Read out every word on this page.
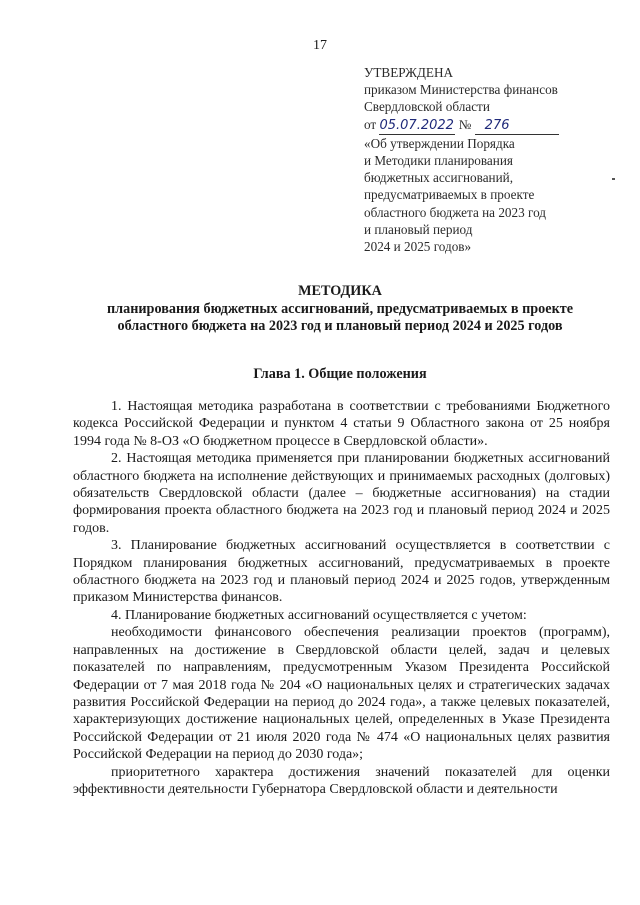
17
УТВЕРЖДЕНА
приказом Министерства финансов
Свердловской области
от 05.07.2022 № 276
«Об утверждении Порядка
и Методики планирования
бюджетных ассигнований,
предусматриваемых в проекте
областного бюджета на 2023 год
и плановый период
2024 и 2025 годов»
МЕТОДИКА
планирования бюджетных ассигнований, предусматриваемых в проекте
областного бюджета на 2023 год и плановый период 2024 и 2025 годов
Глава 1. Общие положения

1. Настоящая методика разработана в соответствии с требованиями Бюджетного кодекса Российской Федерации и пунктом 4 статьи 9 Областного закона от 25 ноября 1994 года № 8-ОЗ «О бюджетном процессе в Свердловской области».

2. Настоящая методика применяется при планировании бюджетных ассигнований областного бюджета на исполнение действующих и принимаемых расходных (долговых) обязательств Свердловской области (далее – бюджетные ассигнования) на стадии формирования проекта областного бюджета на 2023 год и плановый период 2024 и 2025 годов.

3. Планирование бюджетных ассигнований осуществляется в соответствии с Порядком планирования бюджетных ассигнований, предусматриваемых в проекте областного бюджета на 2023 год и плановый период 2024 и 2025 годов, утвержденным приказом Министерства финансов.

4. Планирование бюджетных ассигнований осуществляется с учетом:

необходимости финансового обеспечения реализации проектов (программ), направленных на достижение в Свердловской области целей, задач и целевых показателей по направлениям, предусмотренным Указом Президента Российской Федерации от 7 мая 2018 года № 204 «О национальных целях и стратегических задачах развития Российской Федерации на период до 2024 года», а также целевых показателей, характеризующих достижение национальных целей, определенных в Указе Президента Российской Федерации от 21 июля 2020 года № 474 «О национальных целях развития Российской Федерации на период до 2030 года»;

приоритетного характера достижения значений показателей для оценки эффективности деятельности Губернатора Свердловской области и деятельности
